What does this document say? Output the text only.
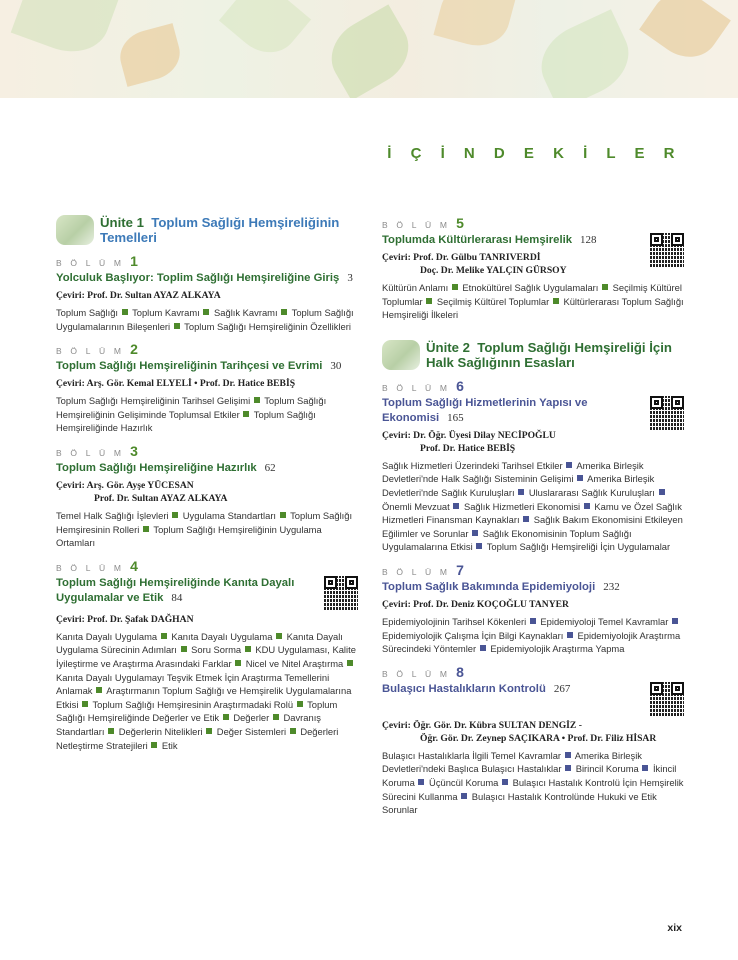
İ Ç İ N D E K İ L E R
Ünite 1 Toplum Sağlığı Hemşireliğinin Temelleri
B Ö L Ü M 1
Yolculuk Başlıyor: Toplim Sağlığı Hemşireliğine Giriş 3
Çeviri: Prof. Dr. Sultan AYAZ ALKAYA
Toplum Sağlığı Toplum Kavramı Sağlık Kavramı Toplum Sağlığı Uygulamalarının Bileşenleri Toplum Sağlığı Hemşireliğinin Özellikleri
B Ö L Ü M 2
Toplum Sağlığı Hemşireliğinin Tarihçesi ve Evrimi 30
Çeviri: Arş. Gör. Kemal ELYELİ • Prof. Dr. Hatice BEBİŞ
Toplum Sağlığı Hemşireliğinin Tarihsel Gelişimi Toplum Sağlığı Hemşireliğinin Gelişiminde Toplumsal Etkiler Toplum Sağlığı Hemşireliğinde Hazırlık
B Ö L Ü M 3
Toplum Sağlığı Hemşireliğine Hazırlık 62
Çeviri: Arş. Gör. Ayşe YÜCESAN
Prof. Dr. Sultan AYAZ ALKAYA
Temel Halk Sağlığı İşlevleri Uygulama Standartları Toplum Sağlığı Hemşiresinin Rolleri Toplum Sağlığı Hemşireliğinin Uygulama Ortamları
B Ö L Ü M 4
Toplum Sağlığı Hemşireliğinde Kanıta Dayalı Uygulamalar ve Etik 84
Çeviri: Prof. Dr. Şafak DAĞHAN
Kanıta Dayalı Uygulama Kanıta Dayalı Uygulama Kanıta Dayalı Uygulama Sürecinin Adımları Soru Sorma KDU Uygulaması, Kalite İyileştirme ve Araştırma Arasındaki Farklar Nicel ve Nitel Araştırma  Kanıta Dayalı Uygulamayı Teşvik Etmek İçin Araştırma Temellerini Anlamak Araştırmanın Toplum Sağlığı ve Hemşirelik Uygulamalarına Etkisi Toplum Sağlığı Hemşiresinin Araştırmadaki Rolü Toplum Sağlığı Hemşireliğinde Değerler ve Etik Değerler Davranış Standartları Değerlerin Nitelikleri Değer Sistemleri Değerleri Netleştirme Stratejileri Etik
B Ö L Ü M 5
Toplumda Kültürlerarası Hemşirelik 128
Çeviri: Prof. Dr. Gülbu TANRIVERDİ
Doç. Dr. Melike YALÇIN GÜRSOY
Kültürün Anlamı Etnokültürel Sağlık Uygulamaları Seçilmiş Kültürel Toplumlar Seçilmiş Kültürel Toplumlar Kültürlerarası Toplum Sağlığı Hemşireliği İlkeleri
Ünite 2 Toplum Sağlığı Hemşireliği İçin Halk Sağlığının Esasları
B Ö L Ü M 6
Toplum Sağlığı Hizmetlerinin Yapısı ve Ekonomisi 165
Çeviri: Dr. Öğr. Üyesi Dilay NECİPOĞLU
Prof. Dr. Hatice BEBİŞ
Sağlık Hizmetleri Üzerindeki Tarihsel Etkiler Amerika Birleşik Devletleri'nde Halk Sağlığı Sisteminin Gelişimi Amerika Birleşik Devletleri'nde Sağlık Kuruluşları Uluslararası Sağlık Kuruluşları  Önemli Mevzuat Sağlık Hizmetleri Ekonomisi Kamu ve Özel Sağlık Hizmetleri Finansman Kaynakları Sağlık Bakım Ekonomisini Etkileyen Eğilimler ve Sorunlar Sağlık Ekonomisinin Toplum Sağlığı Uygulamalarına Etkisi Toplum Sağlığı Hemşireliği İçin Uygulamalar
B Ö L Ü M 7
Toplum Sağlık Bakımında Epidemiyoloji 232
Çeviri: Prof. Dr. Deniz KOÇOĞLU TANYER
Epidemiyolojinin Tarihsel Kökenleri Epidemiyoloji Temel Kavramlar  Epidemiyolojik Çalışma İçin Bilgi Kaynakları Epidemiyolojik Araştırma Sürecindeki Yöntemler Epidemiyolojik Araştırma Yapma
B Ö L Ü M 8
Bulaşıcı Hastalıkların Kontrolü 267
Çeviri: Öğr. Gör. Dr. Kübra SULTAN DENGİZ -
Öğr. Gör. Dr. Zeynep SAÇIKARA • Prof. Dr. Filiz HİSAR
Bulaşıcı Hastalıklarla İlgili Temel Kavramlar Amerika Birleşik Devletleri'ndeki Başlıca Bulaşıcı Hastalıklar Birincil Koruma İkincil Koruma Üçüncül Koruma Bulaşıcı Hastalık Kontrolü İçin Hemşirelik Sürecini Kullanma Bulaşıcı Hastalık Kontrolünde Hukuki ve Etik Sorunlar
xix
